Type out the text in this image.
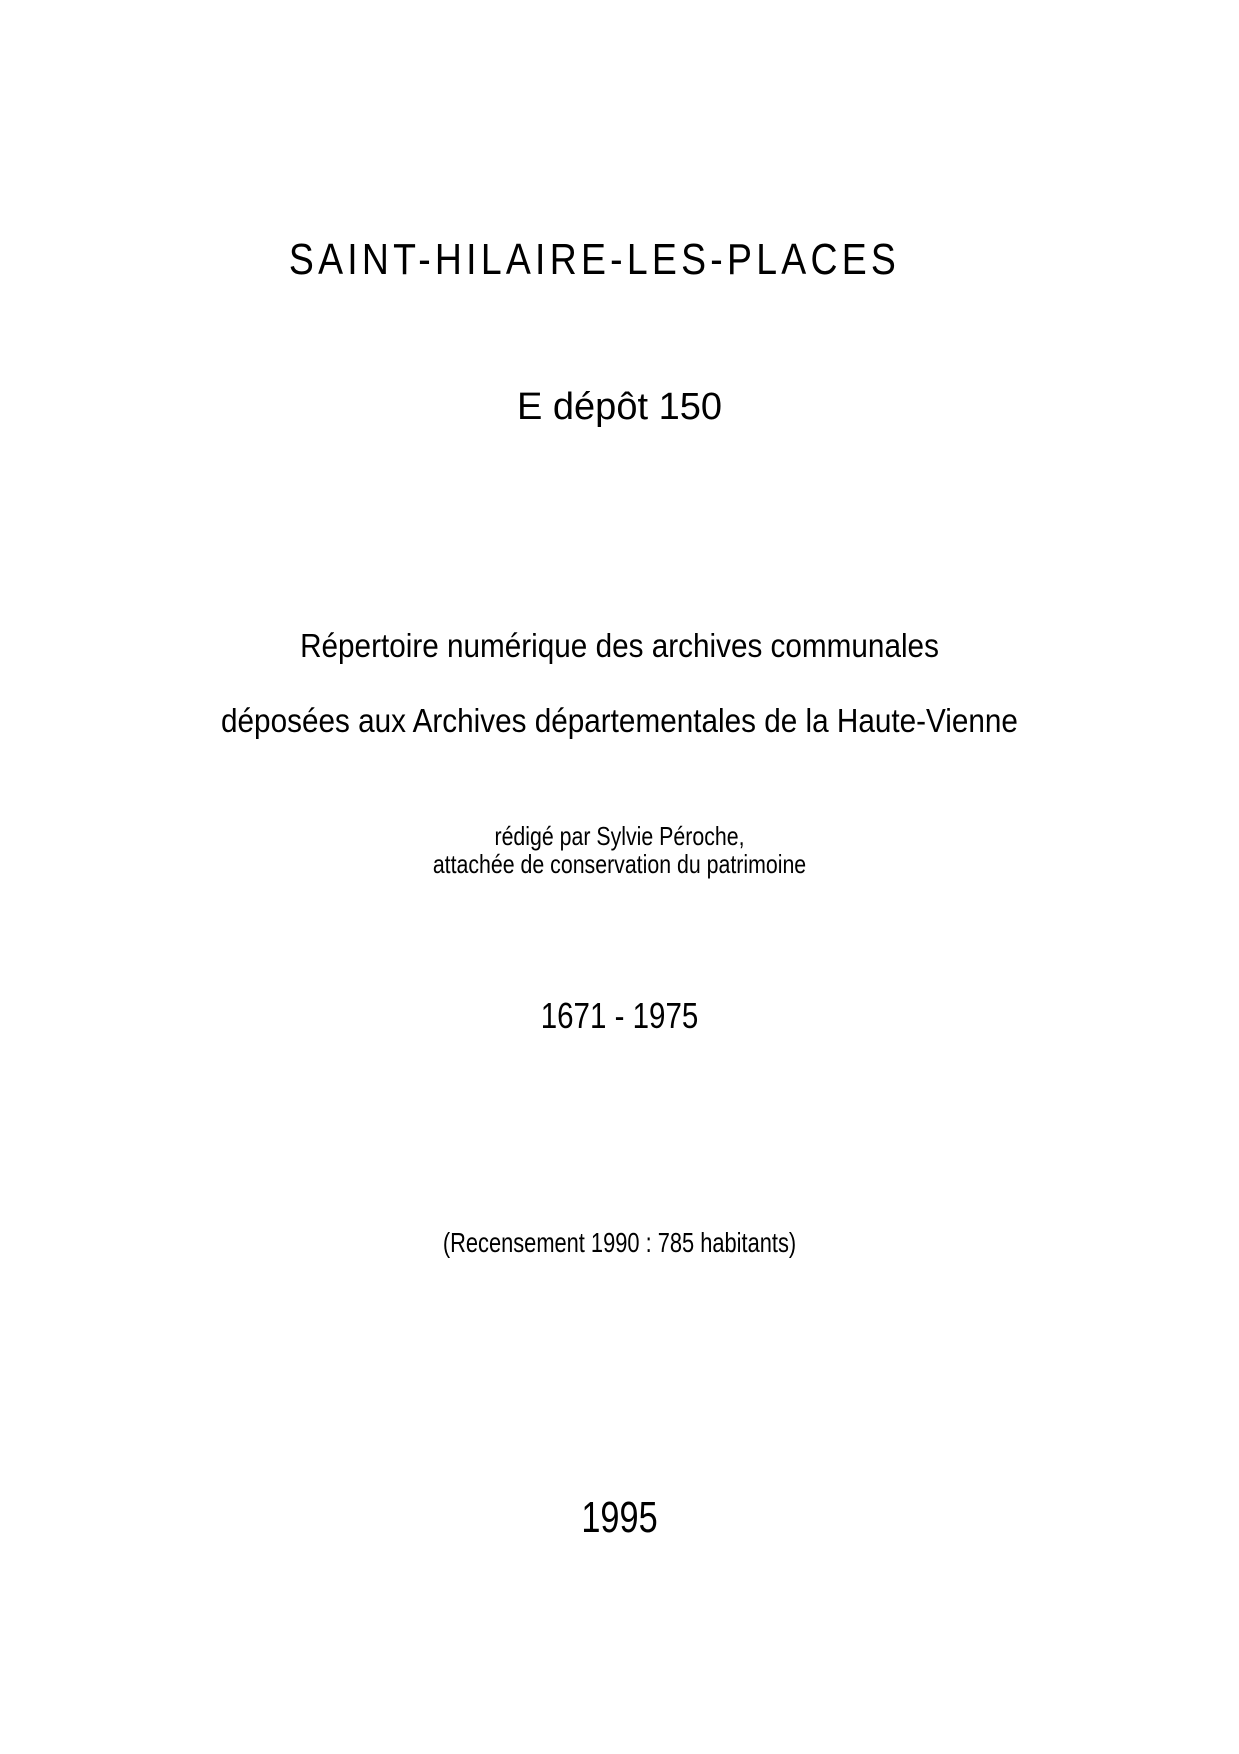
SAINT-HILAIRE-LES-PLACES
E dépôt 150
Répertoire numérique des archives communales
déposées aux Archives départementales de la Haute-Vienne
rédigé par Sylvie Péroche,
attachée de conservation du patrimoine
1671 - 1975
(Recensement 1990 : 785 habitants)
1995
